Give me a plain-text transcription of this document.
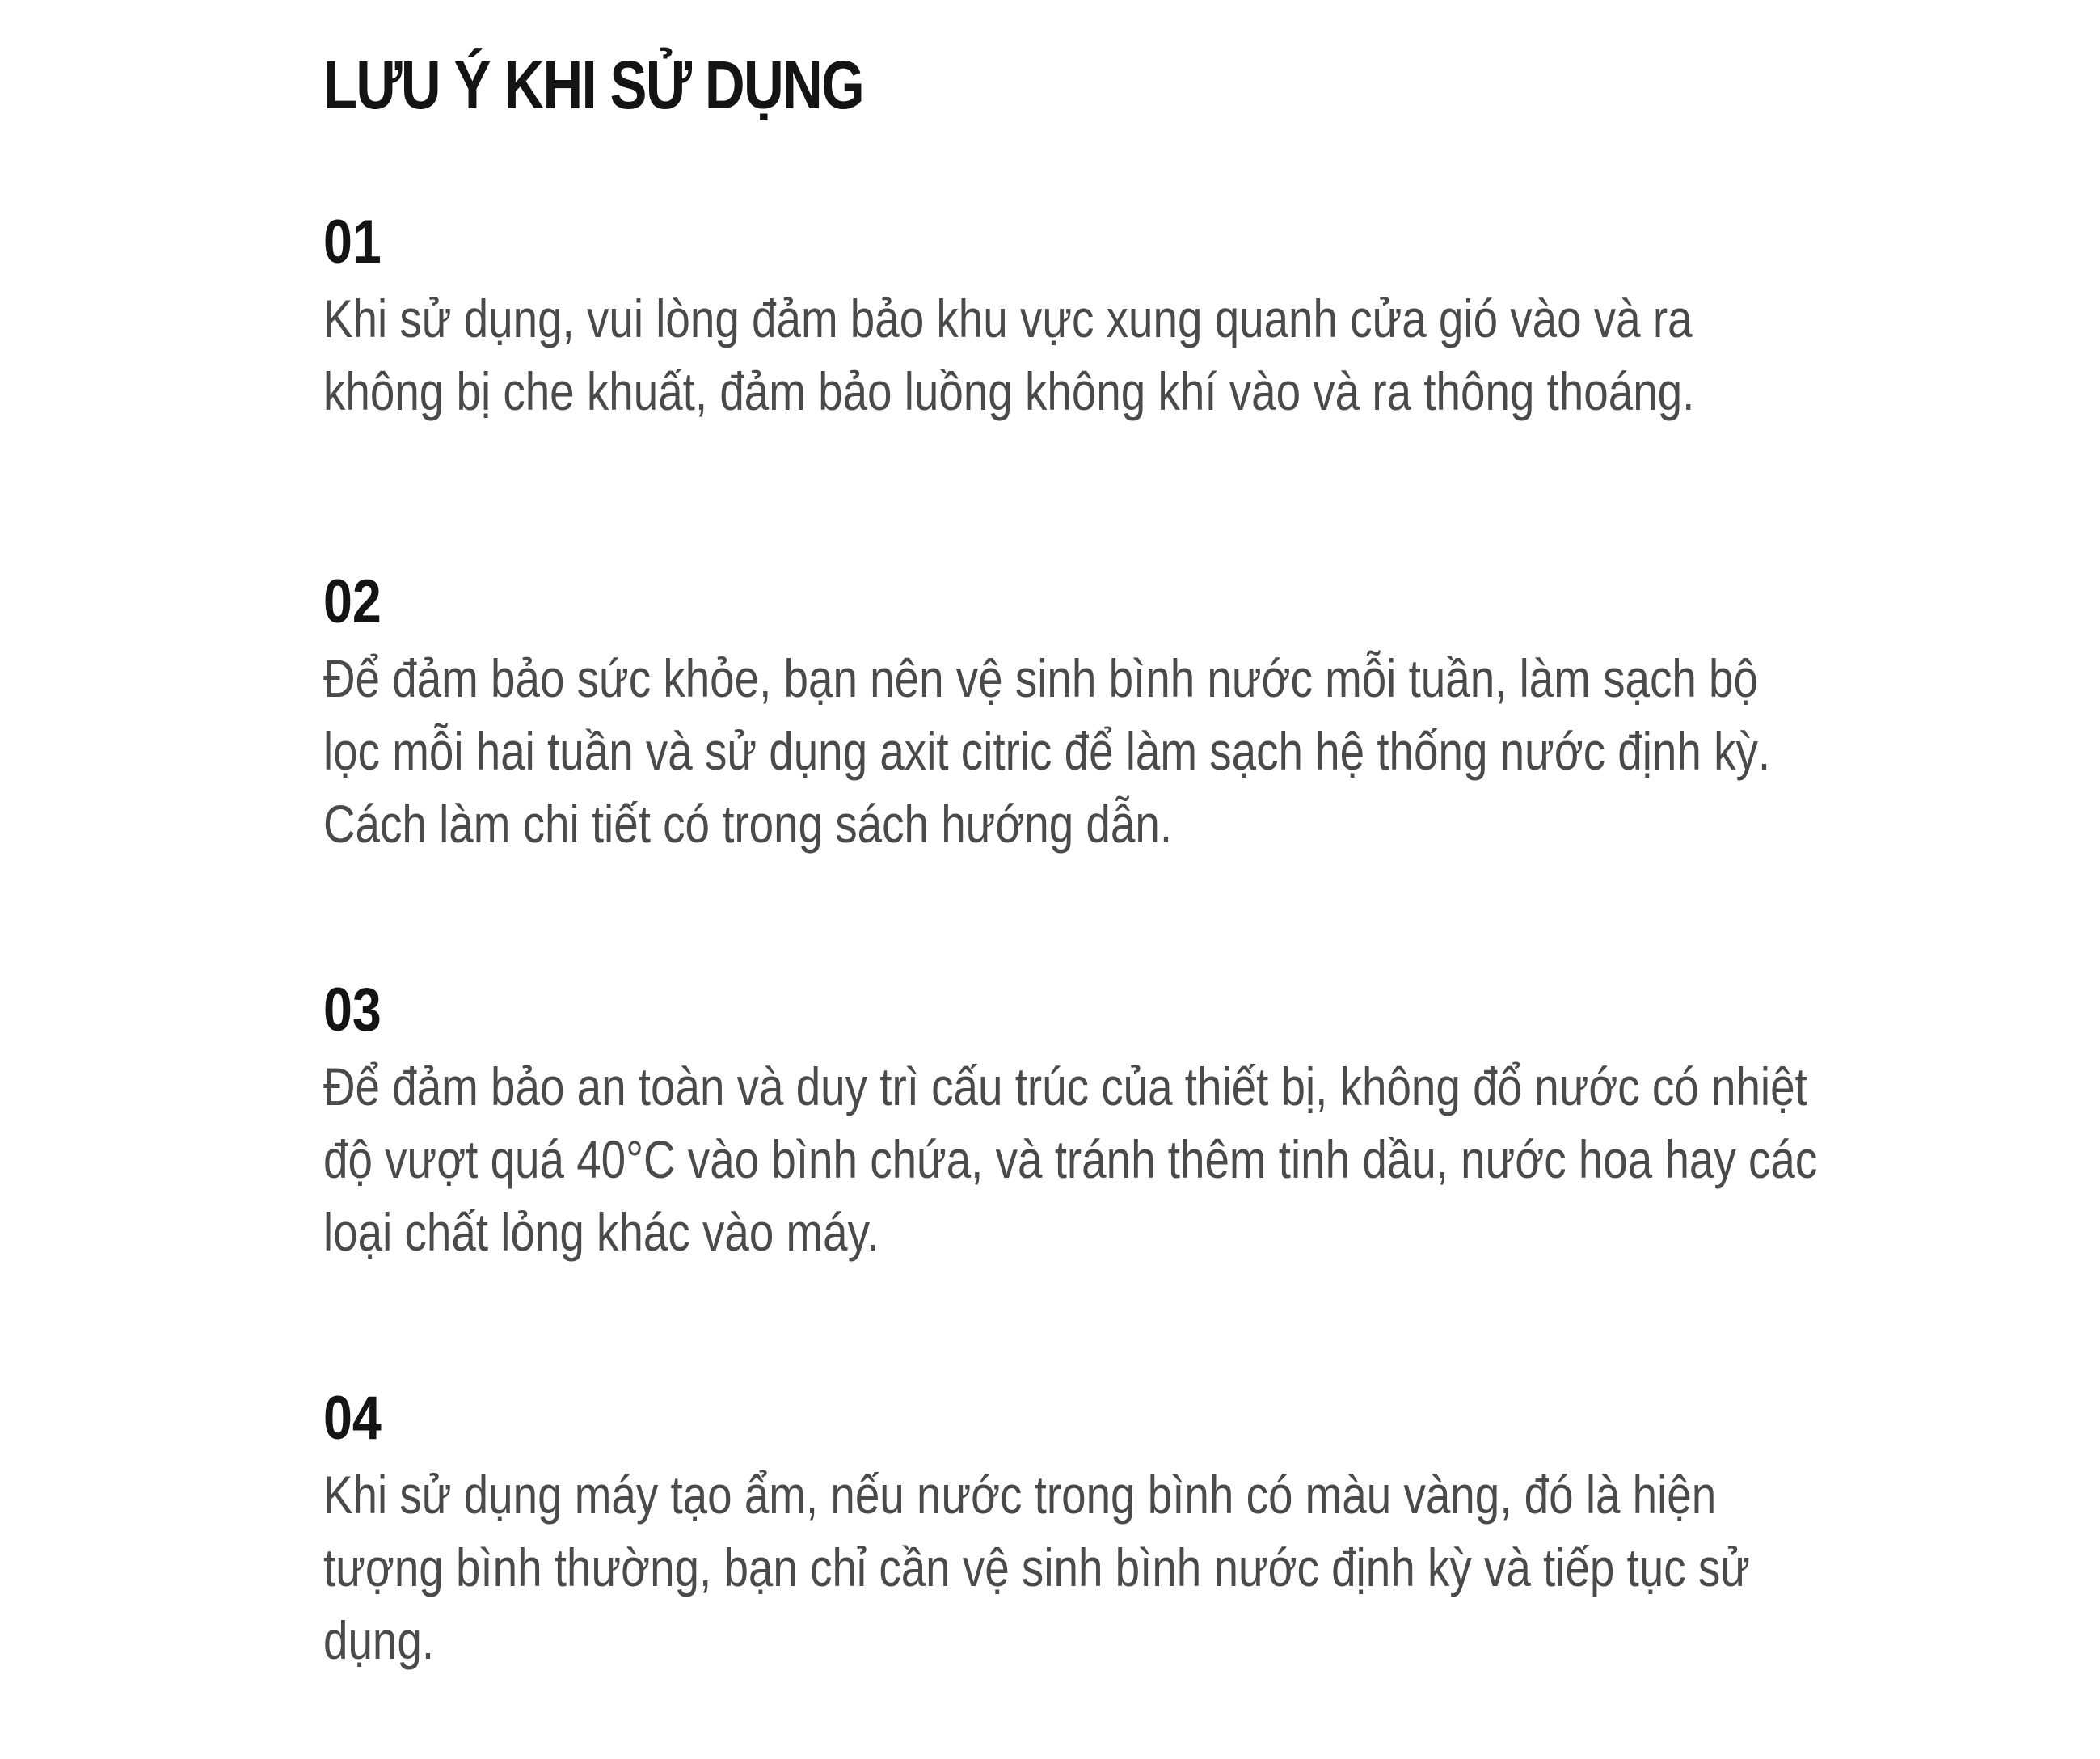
LƯU Ý KHI SỬ DỤNG

01

Khi sử dụng, vui lòng đảm bảo khu vực xung quanh cửa gió vào và ra không bị che khuất, đảm bảo luồng không khí vào và ra thông thoáng.

02

Để đảm bảo sức khỏe, bạn nên vệ sinh bình nước mỗi tuần, làm sạch bộ lọc mỗi hai tuần và sử dụng axit citric để làm sạch hệ thống nước định kỳ. Cách làm chi tiết có trong sách hướng dẫn.

03

Để đảm bảo an toàn và duy trì cấu trúc của thiết bị, không đổ nước có nhiệt độ vượt quá 40°C vào bình chứa, và tránh thêm tinh dầu, nước hoa hay các loại chất lỏng khác vào máy.

04

Khi sử dụng máy tạo ẩm, nếu nước trong bình có màu vàng, đó là hiện tượng bình thường, bạn chỉ cần vệ sinh bình nước định kỳ và tiếp tục sử dụng.
